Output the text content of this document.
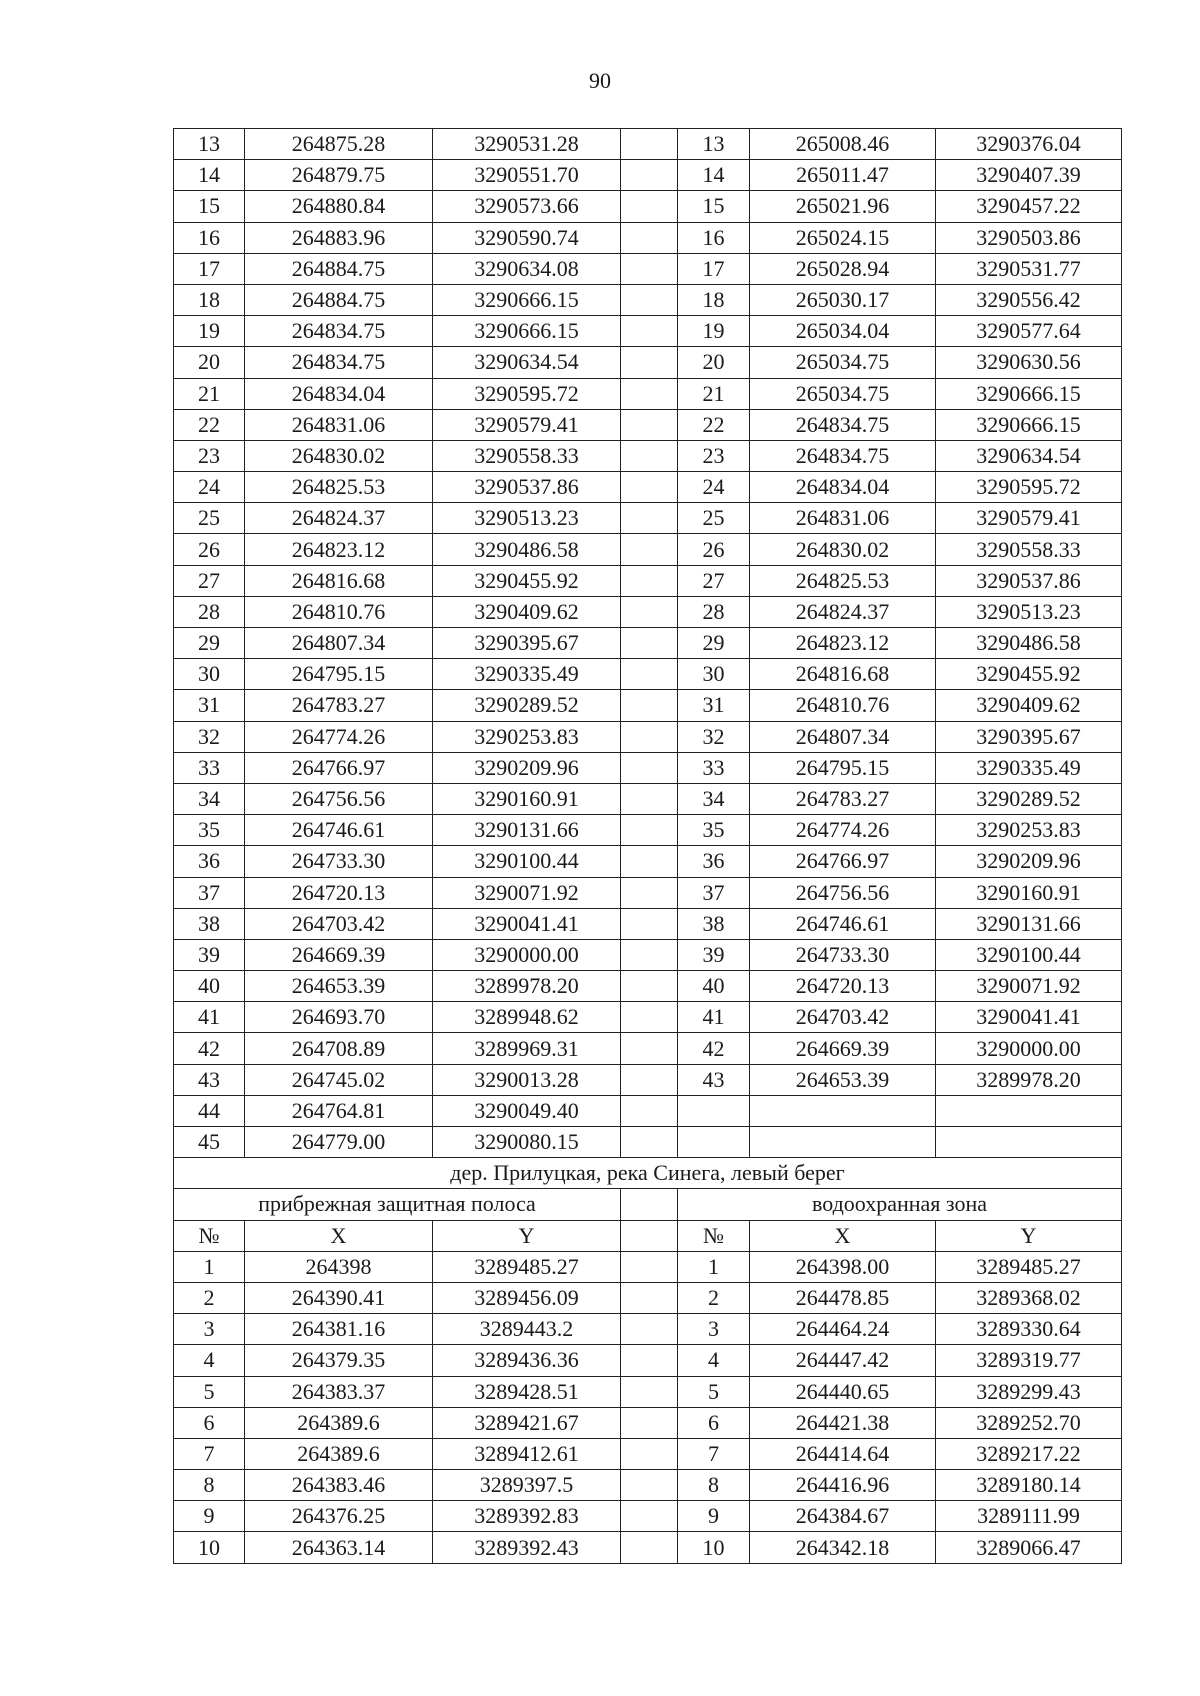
90
13	264875.28	3290531.28		13	265008.46	3290376.04
14	264879.75	3290551.70		14	265011.47	3290407.39
15	264880.84	3290573.66		15	265021.96	3290457.22
16	264883.96	3290590.74		16	265024.15	3290503.86
17	264884.75	3290634.08		17	265028.94	3290531.77
18	264884.75	3290666.15		18	265030.17	3290556.42
19	264834.75	3290666.15		19	265034.04	3290577.64
20	264834.75	3290634.54		20	265034.75	3290630.56
21	264834.04	3290595.72		21	265034.75	3290666.15
22	264831.06	3290579.41		22	264834.75	3290666.15
23	264830.02	3290558.33		23	264834.75	3290634.54
24	264825.53	3290537.86		24	264834.04	3290595.72
25	264824.37	3290513.23		25	264831.06	3290579.41
26	264823.12	3290486.58		26	264830.02	3290558.33
27	264816.68	3290455.92		27	264825.53	3290537.86
28	264810.76	3290409.62		28	264824.37	3290513.23
29	264807.34	3290395.67		29	264823.12	3290486.58
30	264795.15	3290335.49		30	264816.68	3290455.92
31	264783.27	3290289.52		31	264810.76	3290409.62
32	264774.26	3290253.83		32	264807.34	3290395.67
33	264766.97	3290209.96		33	264795.15	3290335.49
34	264756.56	3290160.91		34	264783.27	3290289.52
35	264746.61	3290131.66		35	264774.26	3290253.83
36	264733.30	3290100.44		36	264766.97	3290209.96
37	264720.13	3290071.92		37	264756.56	3290160.91
38	264703.42	3290041.41		38	264746.61	3290131.66
39	264669.39	3290000.00		39	264733.30	3290100.44
40	264653.39	3289978.20		40	264720.13	3290071.92
41	264693.70	3289948.62		41	264703.42	3290041.41
42	264708.89	3289969.31		42	264669.39	3290000.00
43	264745.02	3290013.28		43	264653.39	3289978.20
44	264764.81	3290049.40				
45	264779.00	3290080.15				
дер. Прилуцкая, река Синега, левый берег						
прибрежная защитная полоса				водоохранная зона		
№	X	Y		№	X	Y
1	264398	3289485.27		1	264398.00	3289485.27
2	264390.41	3289456.09		2	264478.85	3289368.02
3	264381.16	3289443.2		3	264464.24	3289330.64
4	264379.35	3289436.36		4	264447.42	3289319.77
5	264383.37	3289428.51		5	264440.65	3289299.43
6	264389.6	3289421.67		6	264421.38	3289252.70
7	264389.6	3289412.61		7	264414.64	3289217.22
8	264383.46	3289397.5		8	264416.96	3289180.14
9	264376.25	3289392.83		9	264384.67	3289111.99
10	264363.14	3289392.43		10	264342.18	3289066.47
